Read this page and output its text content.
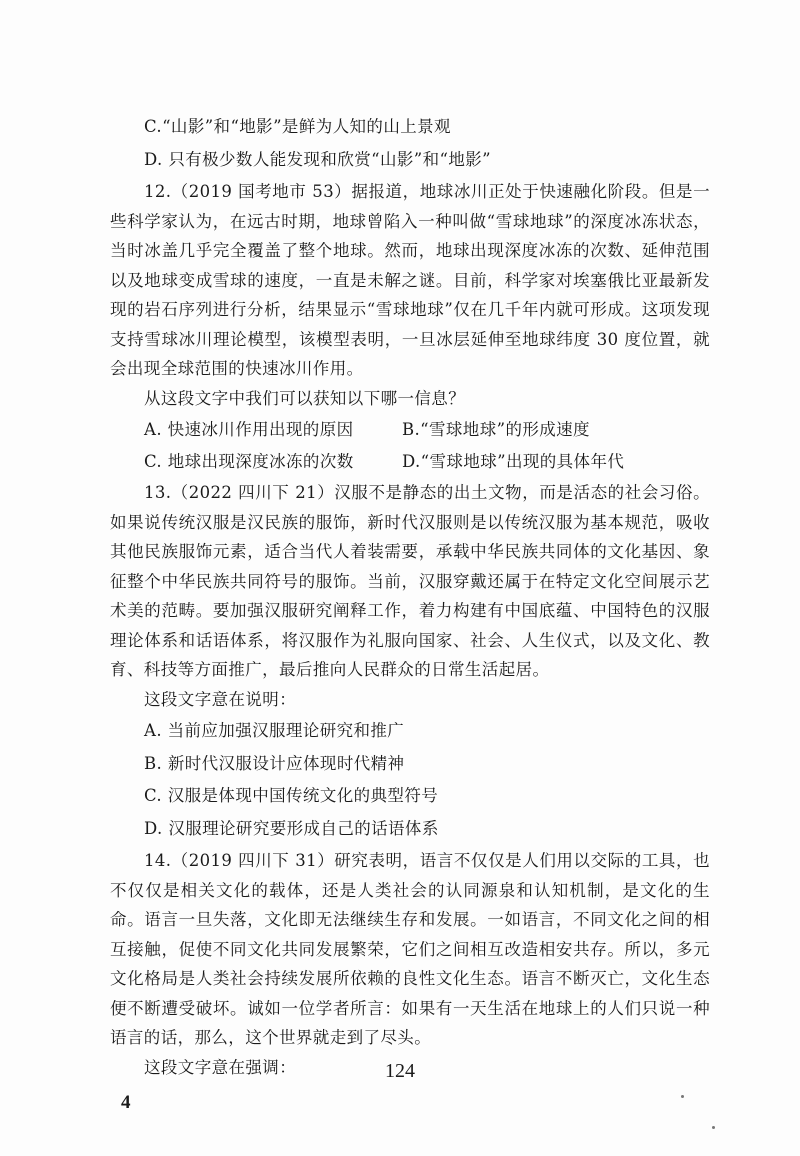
C.“山影”和“地影”是鲜为人知的山上景观

D. 只有极少数人能发现和欣赏“山影”和“地影”

12.（2019 国考地市 53）据报道，地球冰川正处于快速融化阶段。但是一些科学家认为，在远古时期，地球曾陷入一种叫做“雪球地球”的深度冰冻状态，当时冰盖几乎完全覆盖了整个地球。然而，地球出现深度冰冻的次数、延伸范围以及地球变成雪球的速度，一直是未解之谜。目前，科学家对埃塞俄比亚最新发现的岩石序列进行分析，结果显示“雪球地球”仅在几千年内就可形成。这项发现支持雪球冰川理论模型，该模型表明，一旦冰层延伸至地球纬度 30 度位置，就会出现全球范围的快速冰川作用。

从这段文字中我们可以获知以下哪一信息？

A. 快速冰川作用出现的原因	B.“雪球地球”的形成速度
C. 地球出现深度冰冻的次数	D.“雪球地球”出现的具体年代

13.（2022 四川下 21）汉服不是静态的出土文物，而是活态的社会习俗。如果说传统汉服是汉民族的服饰，新时代汉服则是以传统汉服为基本规范，吸收其他民族服饰元素，适合当代人着装需要，承载中华民族共同体的文化基因、象征整个中华民族共同符号的服饰。当前，汉服穿戴还属于在特定文化空间展示艺术美的范畴。要加强汉服研究阐释工作，着力构建有中国底蕴、中国特色的汉服理论体系和话语体系，将汉服作为礼服向国家、社会、人生仪式，以及文化、教育、科技等方面推广，最后推向人民群众的日常生活起居。

这段文字意在说明：

A. 当前应加强汉服理论研究和推广

B. 新时代汉服设计应体现时代精神

C. 汉服是体现中国传统文化的典型符号

D. 汉服理论研究要形成自己的话语体系

14.（2019 四川下 31）研究表明，语言不仅仅是人们用以交际的工具，也不仅仅是相关文化的载体，还是人类社会的认同源泉和认知机制，是文化的生命。语言一旦失落，文化即无法继续生存和发展。一如语言，不同文化之间的相互接触，促使不同文化共同发展繁荣，它们之间相互改造相安共存。所以，多元文化格局是人类社会持续发展所依赖的良性文化生态。语言不断灭亡，文化生态便不断遭受破坏。诚如一位学者所言：如果有一天生活在地球上的人们只说一种语言的话，那么，这个世界就走到了尽头。

这段文字意在强调：	124
4
